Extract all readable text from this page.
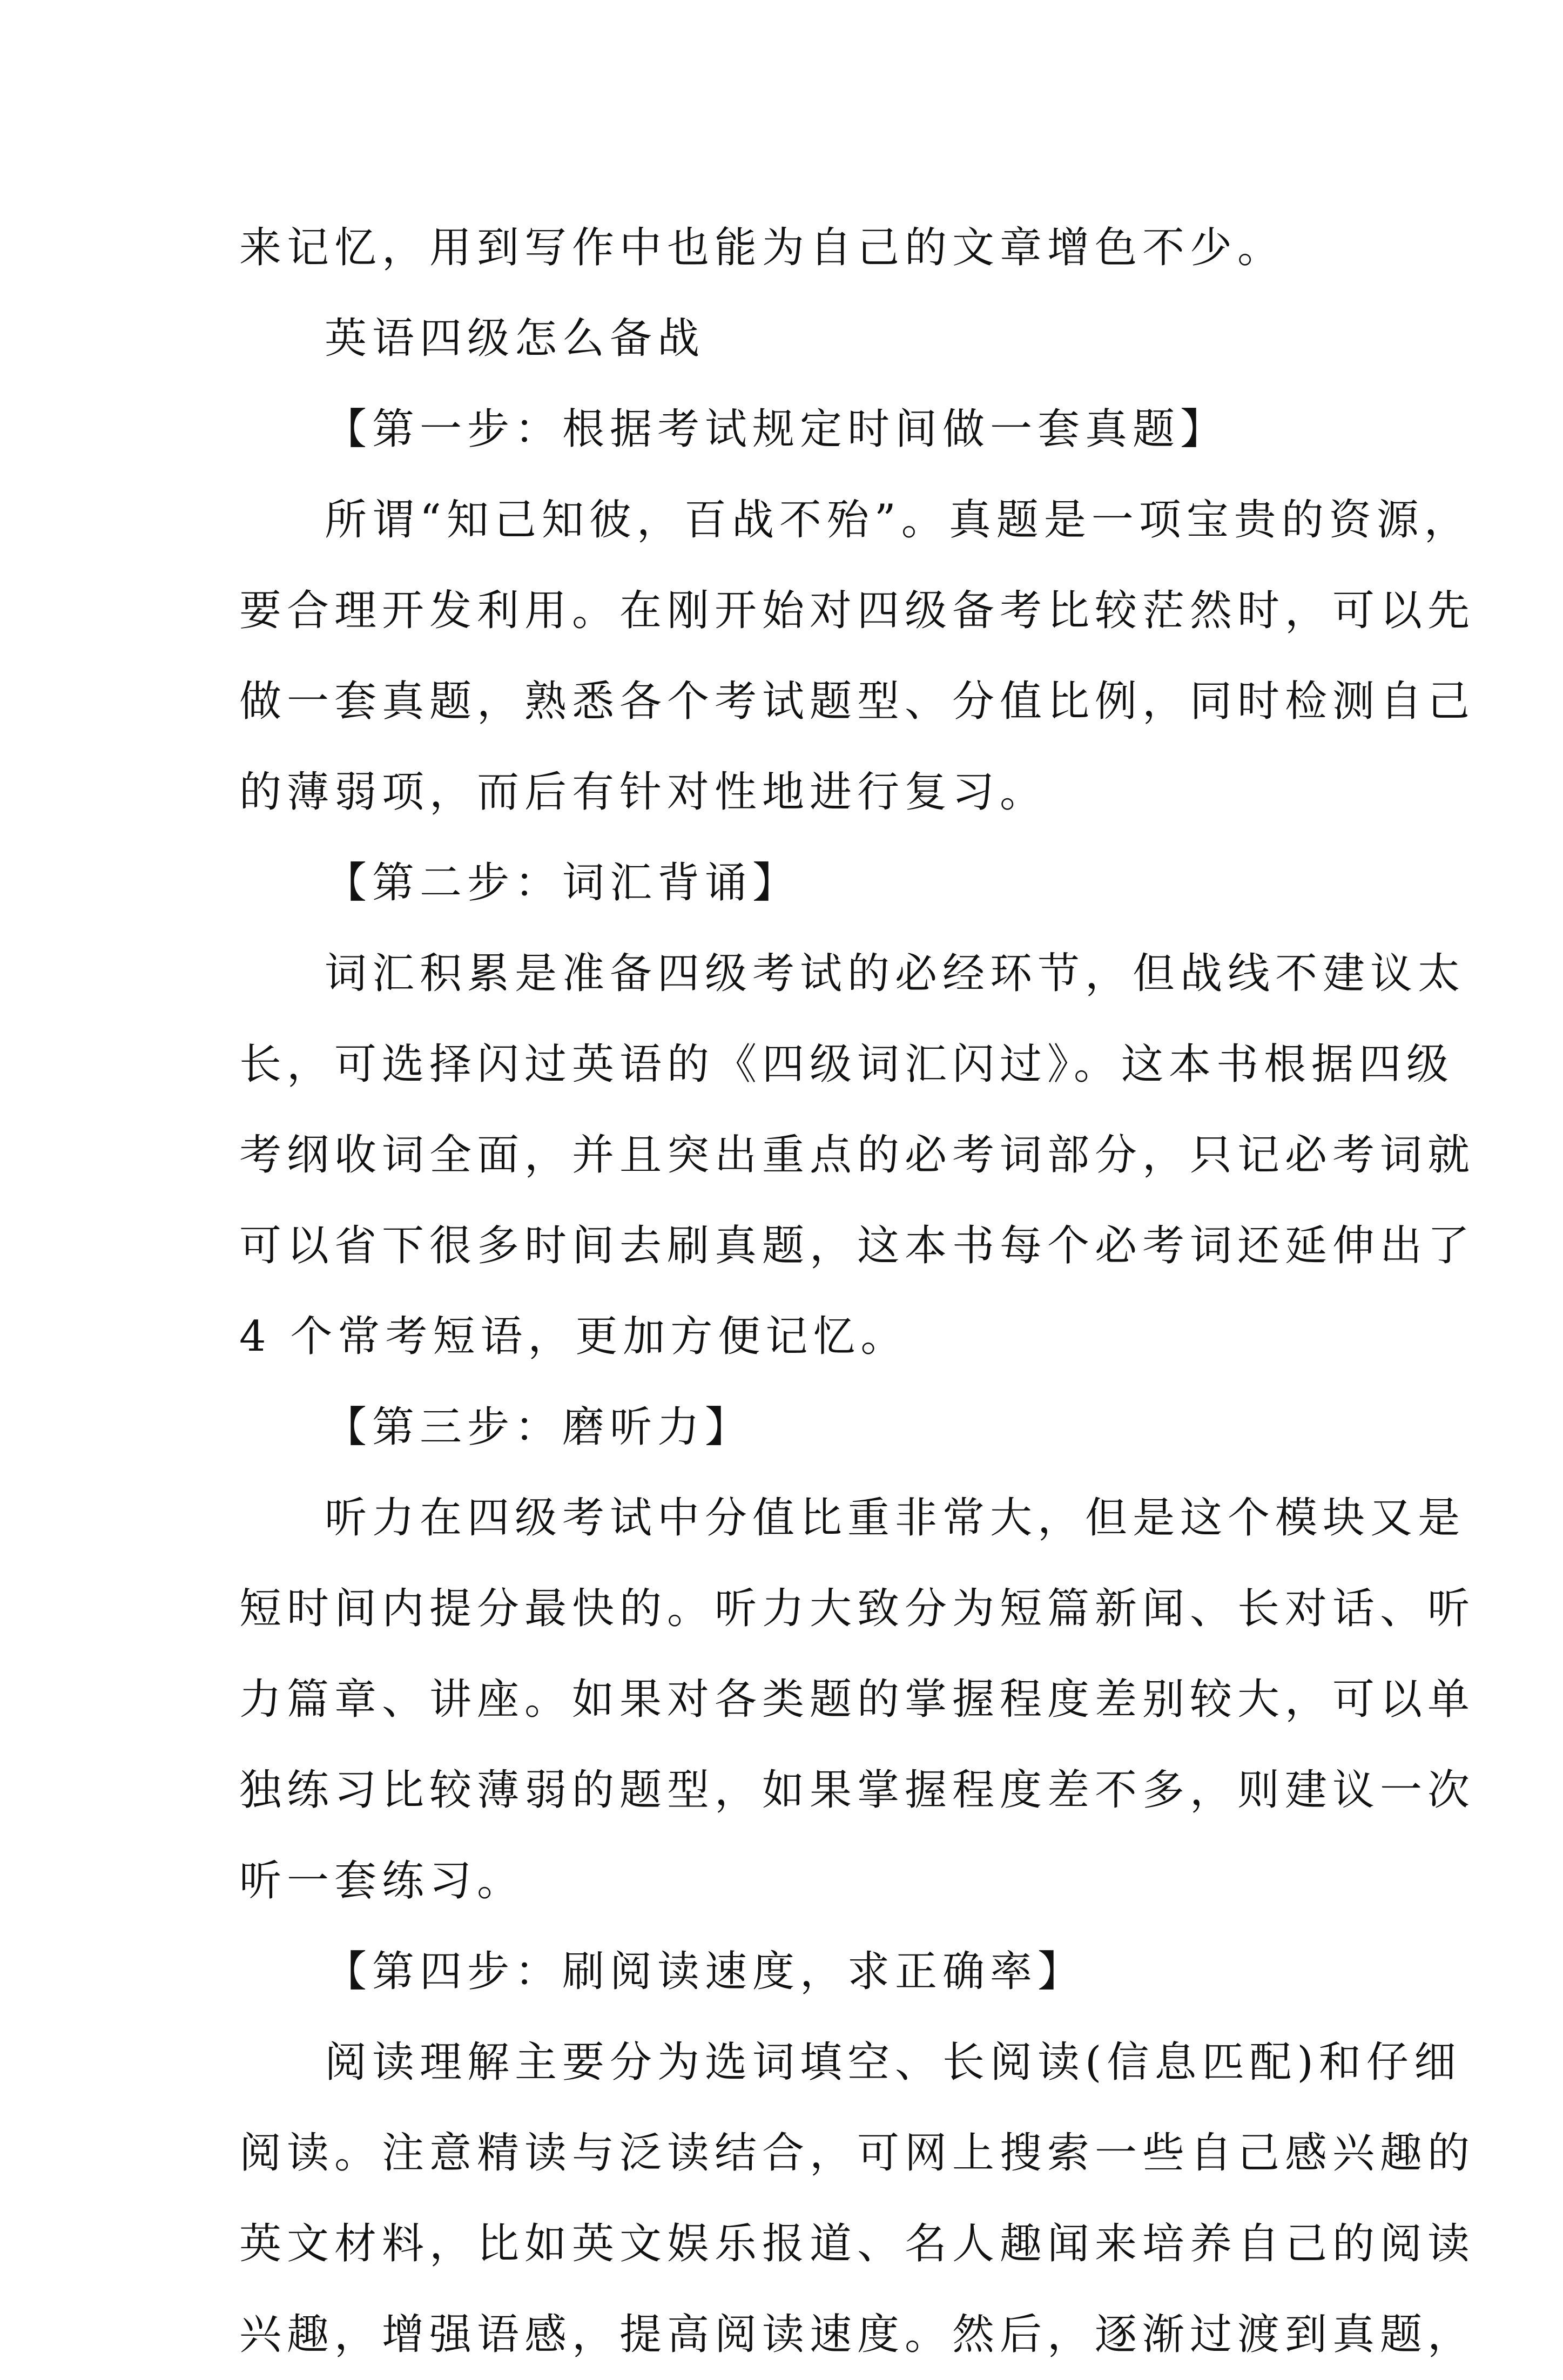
来记忆，用到写作中也能为自己的文章增色不少。

英语四级怎么备战

【第一步：根据考试规定时间做一套真题】

所谓“知己知彼，百战不殆”。真题是一项宝贵的资源，
要合理开发利用。在刚开始对四级备考比较茫然时，可以先
做一套真题，熟悉各个考试题型、分值比例，同时检测自己
的薄弱项，而后有针对性地进行复习。

【第二步：词汇背诵】

词汇积累是准备四级考试的必经环节，但战线不建议太
长，可选择闪过英语的《四级词汇闪过》。这本书根据四级
考纲收词全面，并且突出重点的必考词部分，只记必考词就
可以省下很多时间去刷真题，这本书每个必考词还延伸出了
4 个常考短语，更加方便记忆。

【第三步：磨听力】

听力在四级考试中分值比重非常大，但是这个模块又是
短时间内提分最快的。听力大致分为短篇新闻、长对话、听
力篇章、讲座。如果对各类题的掌握程度差别较大，可以单
独练习比较薄弱的题型，如果掌握程度差不多，则建议一次
听一套练习。

【第四步：刷阅读速度，求正确率】

阅读理解主要分为选词填空、长阅读(信息匹配)和仔细
阅读。注意精读与泛读结合，可网上搜索一些自己感兴趣的
英文材料，比如英文娱乐报道、名人趣闻来培养自己的阅读
兴趣，增强语感，提高阅读速度。然后，逐渐过渡到真题，
